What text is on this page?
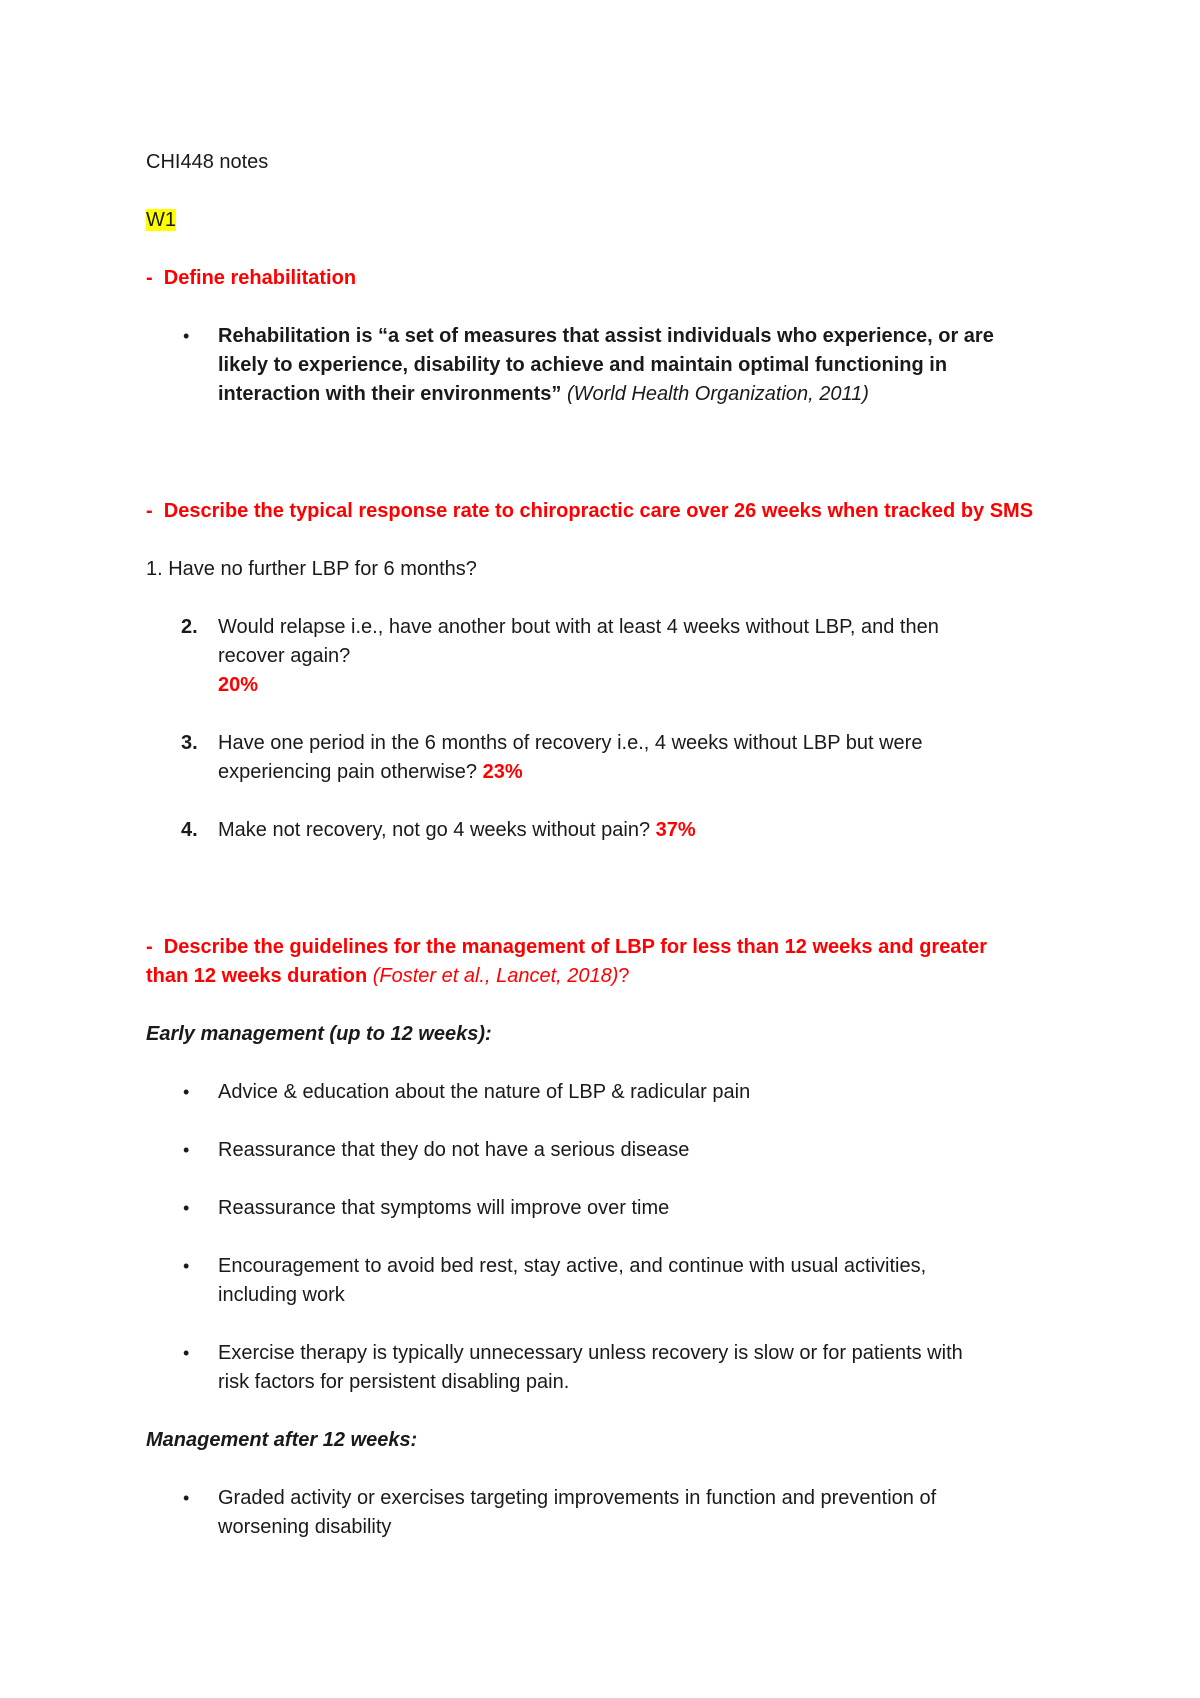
CHI448 notes
W1
- Define rehabilitation
• Rehabilitation is “a set of measures that assist individuals who experience, or are
likely to experience, disability to achieve and maintain optimal functioning in
interaction with their environments” (World Health Organization, 2011)
- Describe the typical response rate to chiropractic care over 26 weeks when tracked by SMS
1. Have no further LBP for 6 months?
2. Would relapse i.e., have another bout with at least 4 weeks without LBP, and then
recover again?
20%
3. Have one period in the 6 months of recovery i.e., 4 weeks without LBP but were
experiencing pain otherwise? 23%
4. Make not recovery, not go 4 weeks without pain? 37%
- Describe the guidelines for the management of LBP for less than 12 weeks and greater
than 12 weeks duration (Foster et al., Lancet, 2018)?
Early management (up to 12 weeks):
• Advice & education about the nature of LBP & radicular pain
• Reassurance that they do not have a serious disease
• Reassurance that symptoms will improve over time
• Encouragement to avoid bed rest, stay active, and continue with usual activities,
including work
• Exercise therapy is typically unnecessary unless recovery is slow or for patients with
risk factors for persistent disabling pain.
Management after 12 weeks:
• Graded activity or exercises targeting improvements in function and prevention of
worsening disability
